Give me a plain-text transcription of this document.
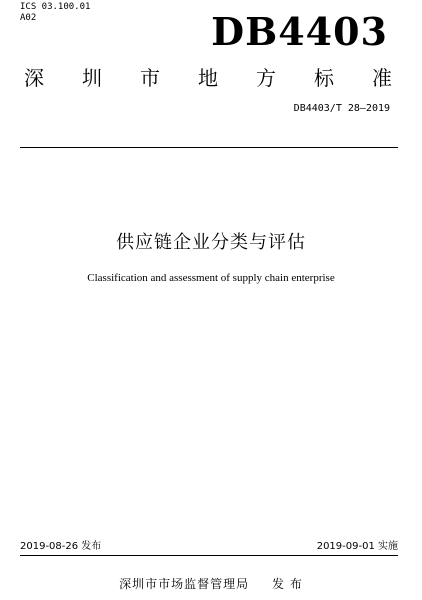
ICS 03.100.01
A02	DB4403
深 圳 市 地 方 标 准
DB4403/T 28—2019
供应链企业分类与评估
Classification and assessment of supply chain enterprise
2019-08-26 发布	2019-09-01 实施
深圳市市场监督管理局 发 布
